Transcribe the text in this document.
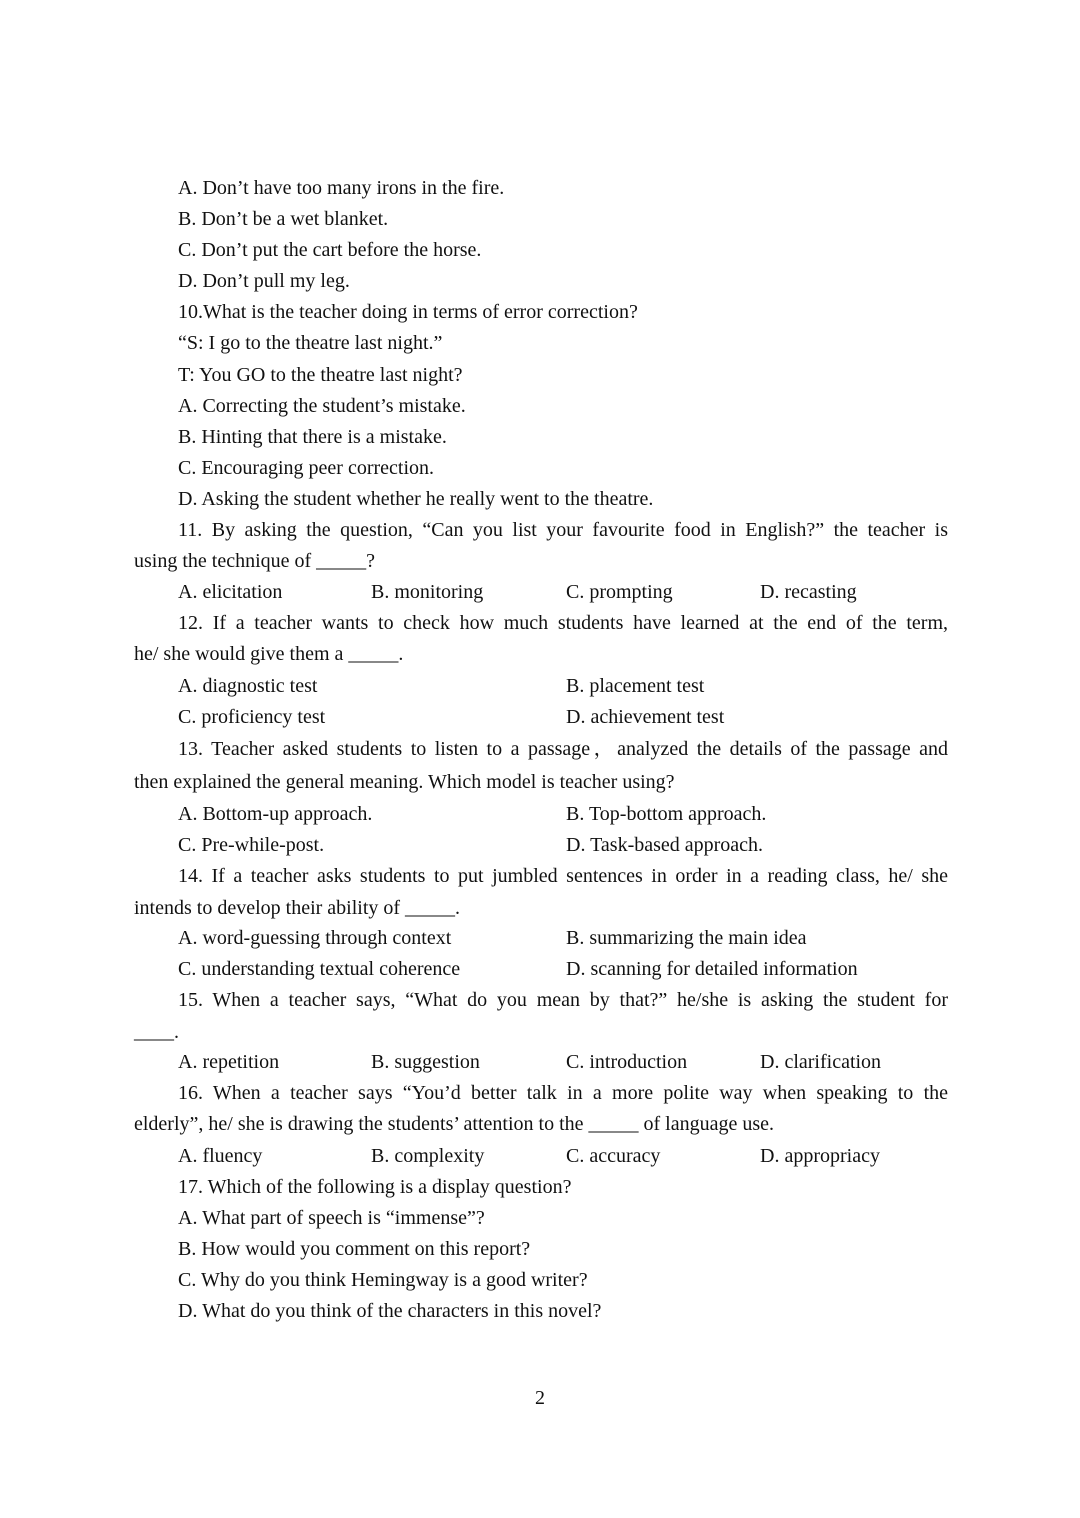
A. Don’t have too many irons in the fire.
B. Don’t be a wet blanket.
C. Don’t put the cart before the horse.
D. Don’t pull my leg.
10.What is the teacher doing in terms of error correction?
“S: I go to the theatre last night.”
T: You GO to the theatre last night?
A. Correcting the student’s mistake.
B. Hinting that there is a mistake.
C. Encouraging peer correction.
D. Asking the student whether he really went to the theatre.
11. By asking the question, “Can you list your favourite food in English?” the teacher is
using the technique of _____?
A. elicitation	B. monitoring	C. prompting	D. recasting
12. If a teacher wants to check how much students have learned at the end of the term,
he/ she would give them a _____.
A. diagnostic test	B. placement test
C. proficiency test	D. achievement test
13. Teacher asked students to listen to a passage，analyzed the details of the passage and
then explained the general meaning. Which model is teacher using?
A. Bottom-up approach.	B. Top-bottom approach.
C. Pre-while-post.	D. Task-based approach.
14. If a teacher asks students to put jumbled sentences in order in a reading class, he/ she
intends to develop their ability of _____.
A. word-guessing through context	B. summarizing the main idea
C. understanding textual coherence	D. scanning for detailed information
15. When a teacher says, “What do you mean by that?” he/she is asking the student for
____.
A. repetition	B. suggestion	C. introduction	D. clarification
16. When a teacher says “You’d better talk in a more polite way when speaking to the
elderly”, he/ she is drawing the students’ attention to the _____ of language use.
A. fluency	B. complexity	C. accuracy	D. appropriacy
17. Which of the following is a display question?
A. What part of speech is “immense”?
B. How would you comment on this report?
C. Why do you think Hemingway is a good writer?
D. What do you think of the characters in this novel?
2
